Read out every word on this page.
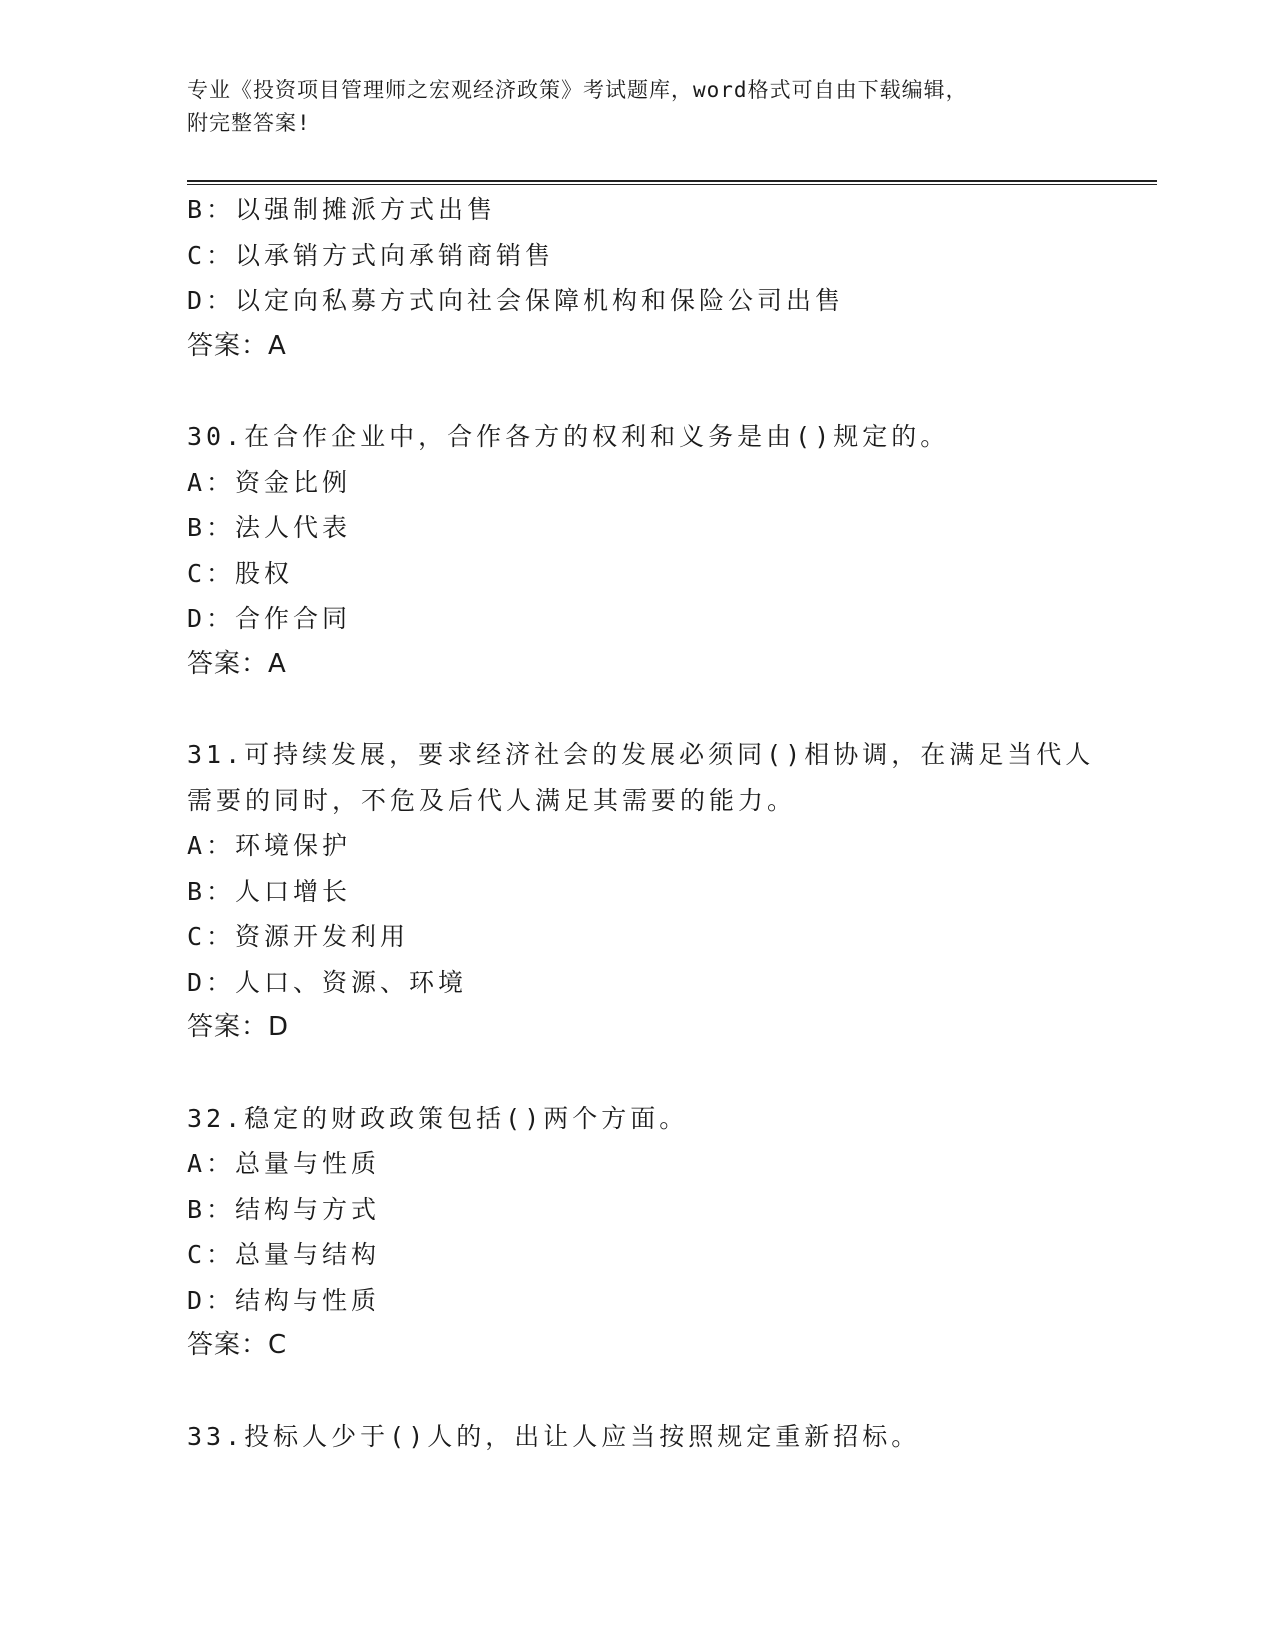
专业《投资项目管理师之宏观经济政策》考试题库，word格式可自由下载编辑，
附完整答案!
B：以强制摊派方式出售
C：以承销方式向承销商销售
D：以定向私募方式向社会保障机构和保险公司出售
答案：A
30.在合作企业中，合作各方的权利和义务是由()规定的。
A：资金比例
B：法人代表
C：股权
D：合作合同
答案：A
31.可持续发展，要求经济社会的发展必须同()相协调，在满足当代人
需要的同时，不危及后代人满足其需要的能力。
A：环境保护
B：人口增长
C：资源开发利用
D：人口、资源、环境
答案：D
32.稳定的财政政策包括()两个方面。
A：总量与性质
B：结构与方式
C：总量与结构
D：结构与性质
答案：C
33.投标人少于()人的，出让人应当按照规定重新招标。
